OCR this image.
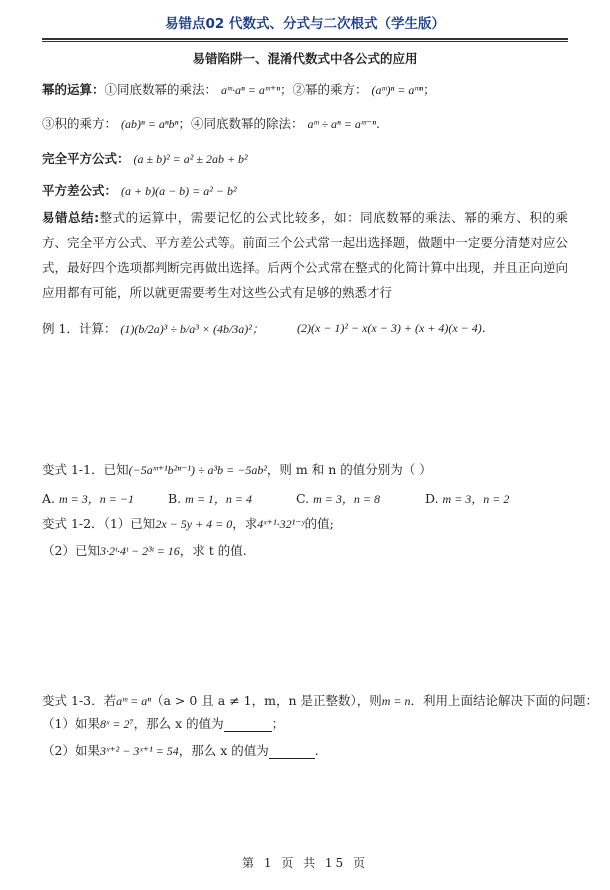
易错点02 代数式、分式与二次根式（学生版）
易错陷阱一、混淆代数式中各公式的应用
幂的运算：①同底数幂的乘法： aᵐ·aⁿ = aᵐ⁺ⁿ；②幂的乘方： (aᵐ)ⁿ = aᵐⁿ；
③积的乘方： (ab)ⁿ = aⁿbⁿ；④同底数幂的除法： aᵐ ÷ aⁿ = aᵐ⁻ⁿ.
完全平方公式： (a ± b)² = a² ± 2ab + b²
平方差公式： (a + b)(a − b) = a² − b²
易错总结:整式的运算中，需要记忆的公式比较多，如：同底数幂的乘法、幂的乘方、积的乘方、完全平方公式、平方差公式等。前面三个公式常一起出选择题，做题中一定要分清楚对应公式，最好四个选项都判断完再做出选择。后两个公式常在整式的化简计算中出现，并且正向逆向应用都有可能，所以就更需要考生对这些公式有足够的熟悉才行
例 1．计算： (1)(b/2a)³ ÷ b/a³ × (4b/3a)²；	(2)(x − 1)² − x(x − 3) + (x + 4)(x − 4)．
变式 1-1．已知(−5aᵐ⁺¹b²ⁿ⁻¹) ÷ a³b = −5ab²，则 m 和 n 的值分别为（ ）
A. m = 3，n = −1	B. m = 1，n = 4	C. m = 3，n = 8	D. m = 3，n = 2
变式 1-2．（1）已知2x − 5y + 4 = 0，求4ˣ⁺¹·32¹⁻ʸ的值;
（2）已知3·2ᵗ·4ᵗ − 2³ᵗ = 16，求 t 的值.
变式 1-3．若aᵐ = aⁿ（a > 0 且 a ≠ 1，m，n 是正整数），则m = n．利用上面结论解决下面的问题：
（1）如果8ˣ = 2⁷，那么 x 的值为	；
（2）如果3ˣ⁺² − 3ˣ⁺¹ = 54，那么 x 的值为	.
第 1 页 共 15 页
